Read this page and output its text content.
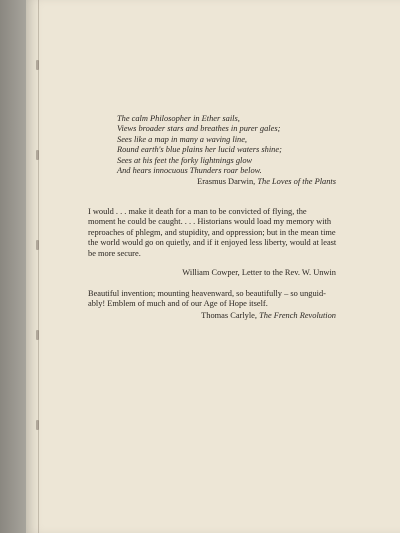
The calm Philosopher in Ether sails,
Views broader stars and breathes in purer gales;
Sees like a map in many a waving line,
Round earth's blue plains her lucid waters shine;
Sees at his feet the forky lightnings glow
And hears innocuous Thunders roar below.
Erasmus Darwin, The Loves of the Plants
I would . . . make it death for a man to be convicted of flying, the
moment he could be caught. . . . Historians would load my memory with
reproaches of phlegm, and stupidity, and oppression; but in the mean time
the world would go on quietly, and if it enjoyed less liberty, would at least
be more secure.
William Cowper, Letter to the Rev. W. Unwin
Beautiful invention; mounting heavenward, so beautifully – so unguid-
ably! Emblem of much and of our Age of Hope itself.
Thomas Carlyle, The French Revolution
